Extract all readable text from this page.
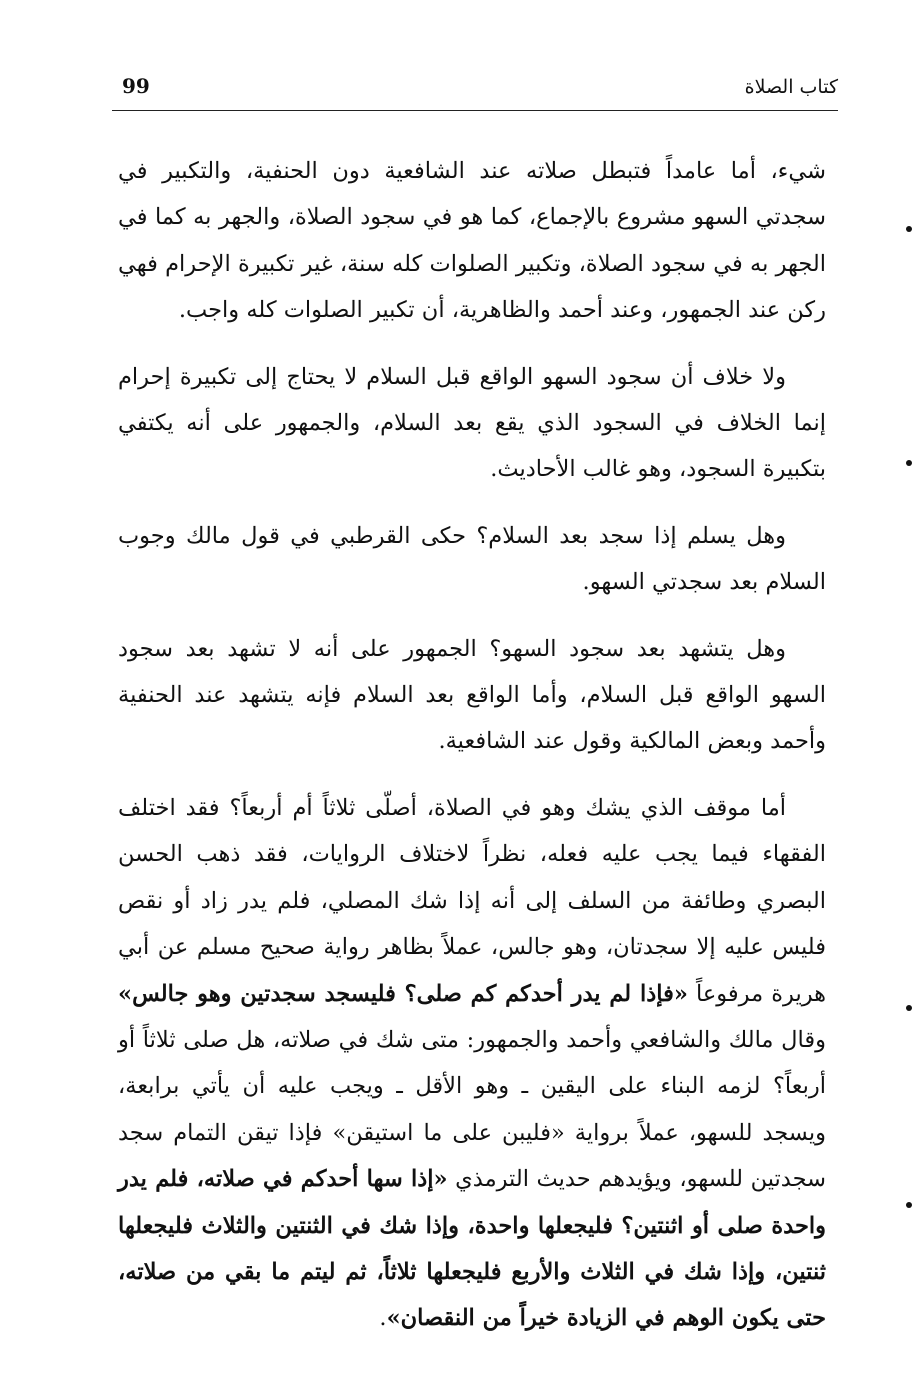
99	كتاب الصلاة

شيء، أما عامداً فتبطل صلاته عند الشافعية دون الحنفية، والتكبير في سجدتي السهو مشروع بالإجماع، كما هو في سجود الصلاة، والجهر به كما في الجهر به في سجود الصلاة، وتكبير الصلوات كله سنة، غير تكبيرة الإحرام فهي ركن عند الجمهور، وعند أحمد والظاهرية، أن تكبير الصلوات كله واجب.

ولا خلاف أن سجود السهو الواقع قبل السلام لا يحتاج إلى تكبيرة إحرام إنما الخلاف في السجود الذي يقع بعد السلام، والجمهور على أنه يكتفي بتكبيرة السجود، وهو غالب الأحاديث.

وهل يسلم إذا سجد بعد السلام؟ حكى القرطبي في قول مالك وجوب السلام بعد سجدتي السهو.

وهل يتشهد بعد سجود السهو؟ الجمهور على أنه لا تشهد بعد سجود السهو الواقع قبل السلام، وأما الواقع بعد السلام فإنه يتشهد عند الحنفية وأحمد وبعض المالكية وقول عند الشافعية.

أما موقف الذي يشك وهو في الصلاة، أصلّى ثلاثاً أم أربعاً؟ فقد اختلف الفقهاء فيما يجب عليه فعله، نظراً لاختلاف الروايات، فقد ذهب الحسن البصري وطائفة من السلف إلى أنه إذا شك المصلي، فلم يدر زاد أو نقص فليس عليه إلا سجدتان، وهو جالس، عملاً بظاهر رواية صحيح مسلم عن أبي هريرة مرفوعاً «فإذا لم يدر أحدكم كم صلى؟ فليسجد سجدتين وهو جالس» وقال مالك والشافعي وأحمد والجمهور: متى شك في صلاته، هل صلى ثلاثاً أو أربعاً؟ لزمه البناء على اليقين ـ وهو الأقل ـ ويجب عليه أن يأتي برابعة، ويسجد للسهو، عملاً برواية «فليبن على ما استيقن» فإذا تيقن التمام سجد سجدتين للسهو، ويؤيدهم حديث الترمذي «إذا سها أحدكم في صلاته، فلم يدر واحدة صلى أو اثنتين؟ فليجعلها واحدة، وإذا شك في الثنتين والثلاث فليجعلها ثنتين، وإذا شك في الثلاث والأربع فليجعلها ثلاثاً، ثم ليتم ما بقي من صلاته، حتى يكون الوهم في الزيادة خيراً من النقصان».
